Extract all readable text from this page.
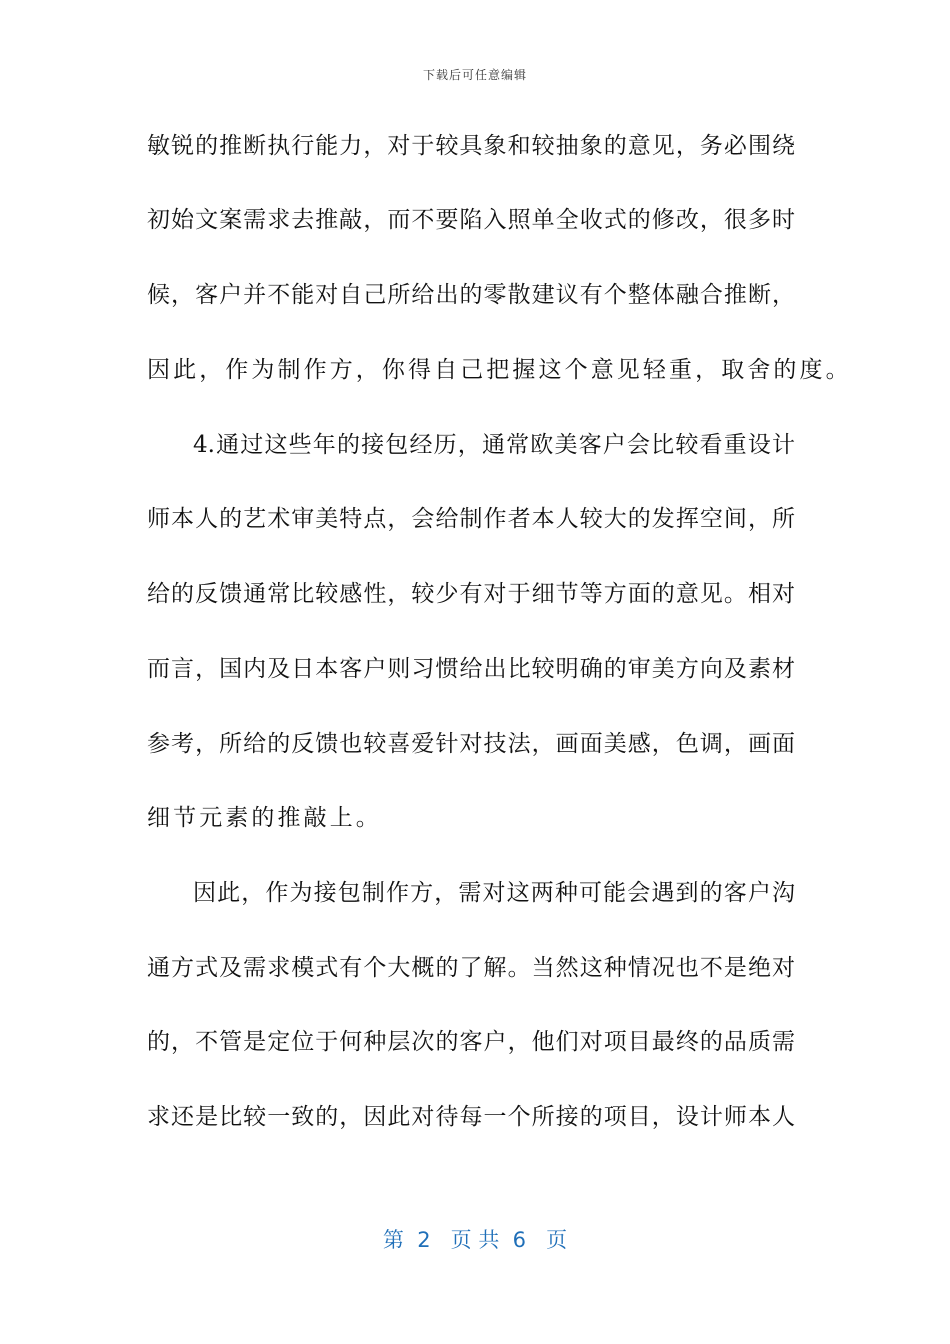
下载后可任意编辑
敏锐的推断执行能力，对于较具象和较抽象的意见，务必围绕
初始文案需求去推敲，而不要陷入照单全收式的修改，很多时
候，客户并不能对自己所给出的零散建议有个整体融合推断，
因此，作为制作方，你得自己把握这个意见轻重，取舍的度。
4.通过这些年的接包经历，通常欧美客户会比较看重设计
师本人的艺术审美特点，会给制作者本人较大的发挥空间，所
给的反馈通常比较感性，较少有对于细节等方面的意见。相对
而言，国内及日本客户则习惯给出比较明确的审美方向及素材
参考，所给的反馈也较喜爱针对技法，画面美感，色调，画面
细节元素的推敲上。
因此，作为接包制作方，需对这两种可能会遇到的客户沟
通方式及需求模式有个大概的了解。当然这种情况也不是绝对
的，不管是定位于何种层次的客户，他们对项目最终的品质需
求还是比较一致的，因此对待每一个所接的项目，设计师本人
第  2   页 共  6   页
